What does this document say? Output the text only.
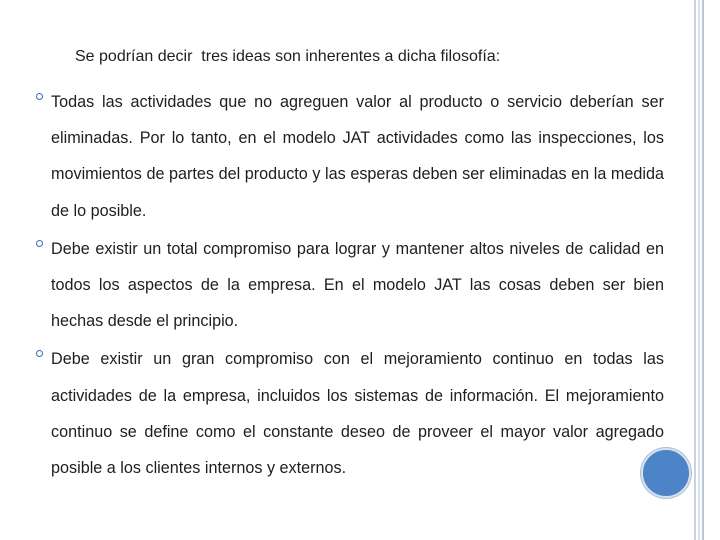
Se podrían decir  tres ideas son inherentes a dicha filosofía:

Todas las actividades que no agreguen valor al producto o servicio deberían ser eliminadas. Por lo tanto, en el modelo JAT actividades como las inspecciones, los movimientos de partes del producto y las esperas deben ser eliminadas en la medida de lo posible.

Debe existir un total compromiso para lograr y mantener altos niveles de calidad en todos los aspectos de la empresa. En el modelo JAT las cosas deben ser bien hechas desde el principio.

Debe existir un gran compromiso con el mejoramiento continuo en todas las actividades de la empresa, incluidos los sistemas de información. El mejoramiento continuo se define como el constante deseo de proveer el mayor valor agregado posible a los clientes internos y externos.
